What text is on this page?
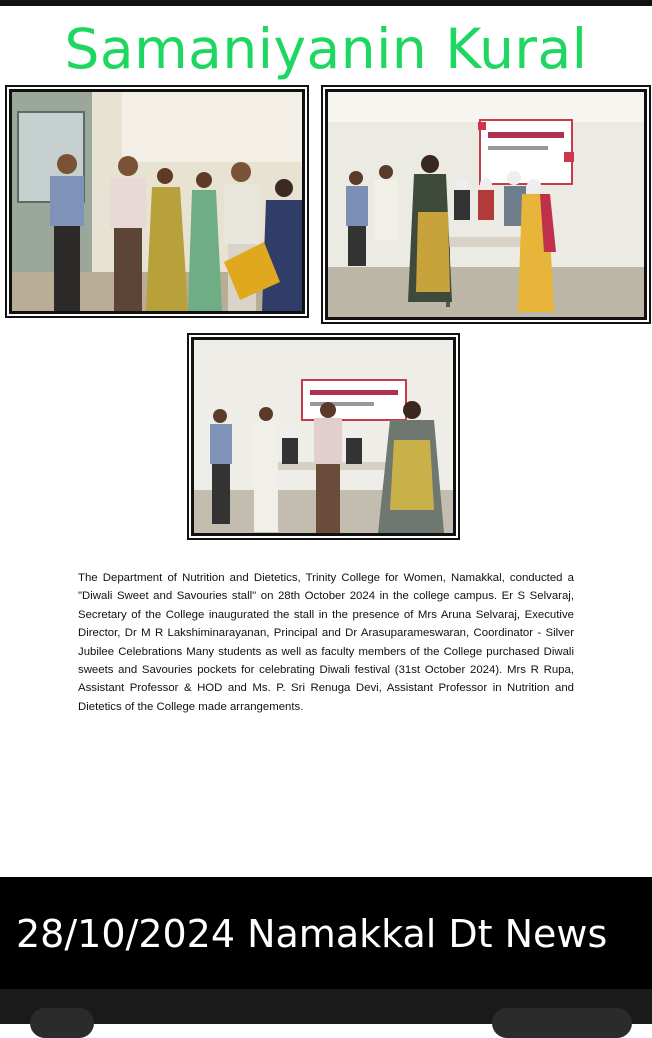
Samaniyanin Kural

The Department of Nutrition and Dietetics, Trinity College for Women, Namakkal, conducted a "Diwali Sweet and Savouries stall" on 28th October 2024 in the college campus. Er S Selvaraj, Secretary of the College inaugurated the stall in the presence of Mrs Aruna Selvaraj, Executive Director, Dr M R Lakshiminarayanan, Principal and Dr Arasuparameswaran, Coordinator - Silver Jubilee Celebrations Many students as well as faculty members of the College purchased Diwali sweets and Savouries pockets for celebrating Diwali festival (31st October 2024). Mrs R Rupa, Assistant Professor & HOD and Ms. P. Sri Renuga Devi, Assistant Professor in Nutrition and Dietetics of the College made arrangements.

28/10/2024 Namakkal Dt News
